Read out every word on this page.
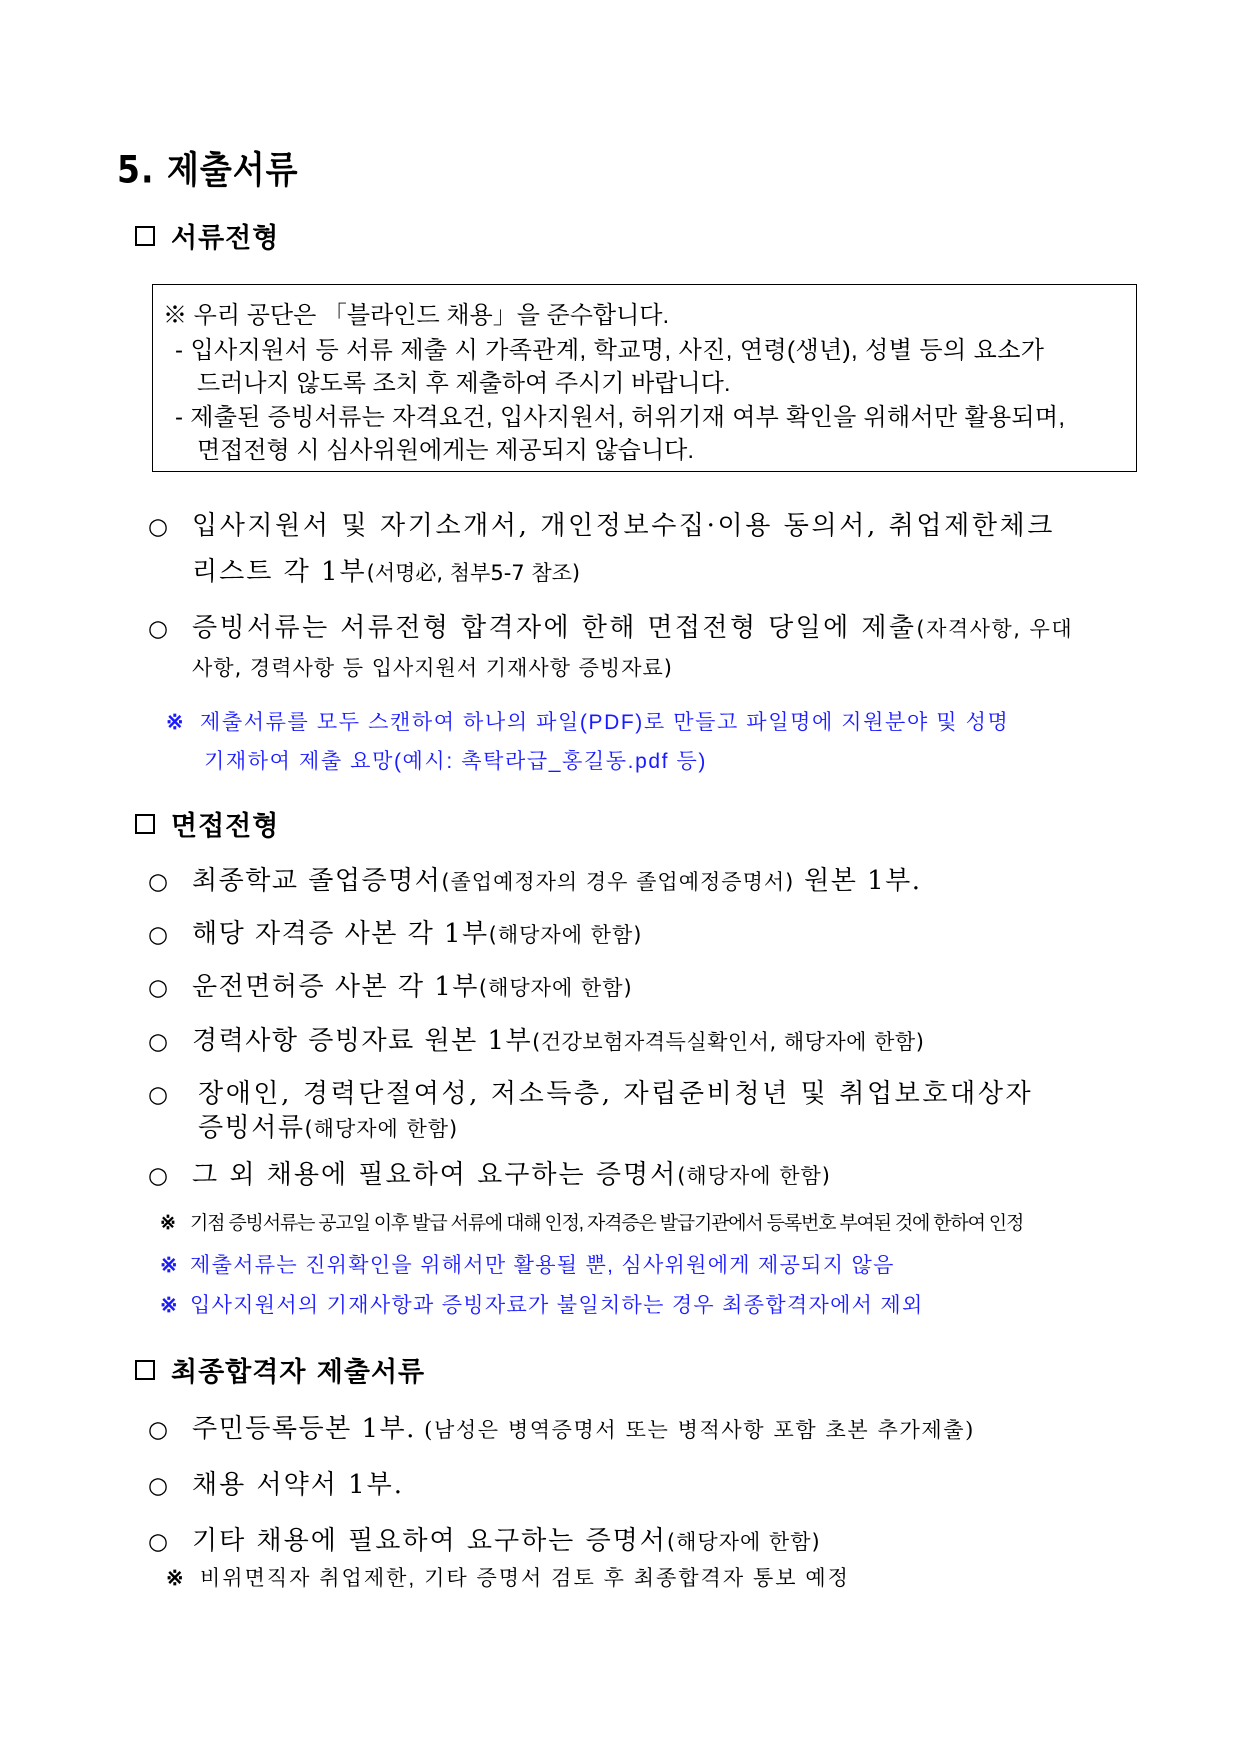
5. 제출서류
서류전형
※ 우리 공단은 「블라인드 채용」을 준수합니다.
- 입사지원서 등 서류 제출 시 가족관계, 학교명, 사진, 연령(생년), 성별 등의 요소가
드러나지 않도록 조치 후 제출하여 주시기 바랍니다.
- 제출된 증빙서류는 자격요건, 입사지원서, 허위기재 여부 확인을 위해서만 활용되며,
면접전형 시 심사위원에게는 제공되지 않습니다.
○ 입사지원서 및 자기소개서, 개인정보수집·이용 동의서, 취업제한체크
리스트 각 1부(서명必, 첨부5-7 참조)
○ 증빙서류는 서류전형 합격자에 한해 면접전형 당일에 제출(자격사항, 우대
사항, 경력사항 등 입사지원서 기재사항 증빙자료)
※ 제출서류를 모두 스캔하여 하나의 파일(PDF)로 만들고 파일명에 지원분야 및 성명
기재하여 제출 요망(예시: 촉탁라급_홍길동.pdf 등)
면접전형
○ 최종학교 졸업증명서(졸업예정자의 경우 졸업예정증명서) 원본 1부.
○ 해당 자격증 사본 각 1부(해당자에 한함)
○ 운전면허증 사본 각 1부(해당자에 한함)
○ 경력사항 증빙자료 원본 1부(건강보험자격득실확인서, 해당자에 한함)
○ 장애인, 경력단절여성, 저소득층, 자립준비청년 및 취업보호대상자
증빙서류(해당자에 한함)
○ 그 외 채용에 필요하여 요구하는 증명서(해당자에 한함)
※ 기점 증빙서류는 공고일 이후 발급 서류에 대해 인정, 자격증은 발급기관에서 등록번호 부여된 것에 한하여 인정
※ 제출서류는 진위확인을 위해서만 활용될 뿐, 심사위원에게 제공되지 않음
※ 입사지원서의 기재사항과 증빙자료가 불일치하는 경우 최종합격자에서 제외
최종합격자 제출서류
○ 주민등록등본 1부. (남성은 병역증명서 또는 병적사항 포함 초본 추가제출)
○ 채용 서약서 1부.
○ 기타 채용에 필요하여 요구하는 증명서(해당자에 한함)
※ 비위면직자 취업제한, 기타 증명서 검토 후 최종합격자 통보 예정
